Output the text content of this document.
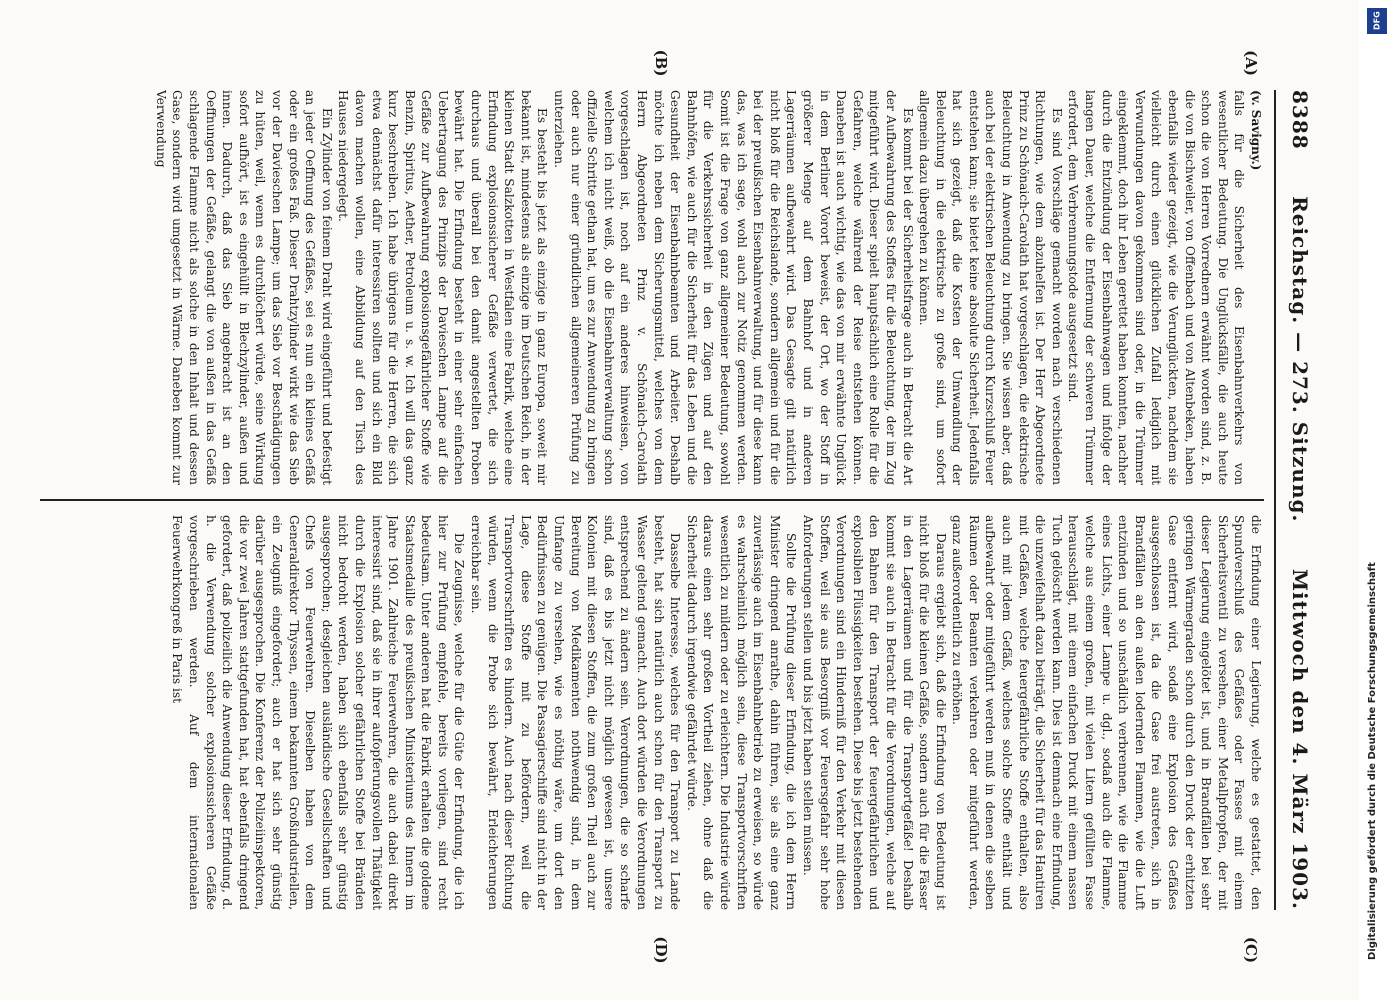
8388
Reichstag. — 273. Sitzung.
Mittwoch den 4. März 1903.
(A)
(B)
(C)
(D)
(v. Savigny.)

falls für die Sicherheit des Eisenbahnverkehrs von wesentlicher Bedeutung. Die Unglücksfälle, die auch heute schon die von Herren Vorrednern erwähnt worden sind, z. B. die von Bischweiler, von Offenbach und von Altenbeken, haben ebenfalls wieder gezeigt, wie die Verunglückten, nachdem sie vielleicht durch einen glücklichen Zufall lediglich mit Verwundungen davon gekommen sind oder, in die Trümmer eingeklemmt, doch ihr Leben gerettet haben konnten, nachher durch die Entzündung der Eisenbahnwagen und infolge der langen Dauer, welche die Entfernung der schweren Trümmer erfordert, dem Verbrennungstode ausgesetzt sind.

Es sind Vorschläge gemacht worden nach verschiedenen Richtungen, wie dem abzuhelfen ist. Der Herr Abgeordnete Prinz zu Schönaich-Carolath hat vorgeschlagen, die elektrische Beleuchtung in Anwendung zu bringen. Sie wissen aber, daß auch bei der elektrischen Beleuchtung durch Kurzschluß Feuer entstehen kann; sie bietet keine absolute Sicherheit. Jedenfalls hat sich gezeigt, daß die Kosten der Umwandlung der Beleuchtung in die elektrische zu große sind, um sofort allgemein dazu übergehen zu können.

Es kommt bei der Sicherheitsfrage auch in Betracht die Art der Aufbewahrung des Stoffes für die Beleuchtung, der im Zug mitgeführt wird. Dieser spielt hauptsächlich eine Rolle für die Gefahren, welche während der Reise entstehen können. Daneben ist auch wichtig, wie das von mir erwähnte Unglück in dem Berliner Vorort beweist, der Ort, wo der Stoff in größerer Menge auf dem Bahnhof und in anderen Lagerräumen aufbewahrt wird. Das Gesagte gilt natürlich nicht bloß für die Reichslande, sondern allgemein und für die bei der preußischen Eisenbahnverwaltung, und für diese kann das, was ich sage, wohl auch zur Notiz genommen werden. Somit ist die Frage von ganz allgemeiner Bedeutung, sowohl für die Verkehrssicherheit in den Zügen und auf den Bahnhöfen, wie auch für die Sicherheit für das Leben und die Gesundheit der Eisenbahnbeamten und Arbeiter. Deshalb möchte ich neben dem Sicherungsmittel, welches von dem Herrn Abgeordneten Prinz v. Schönaich-Carolath vorgeschlagen ist, noch auf ein anderes hinweisen, von welchem ich nicht weiß, ob die Eisenbahnverwaltung schon offizielle Schritte gethan hat, um es zur Anwendung zu bringen oder auch nur einer gründlichen allgemeineren Prüfung zu unterziehen.

Es besteht bis jetzt als einzige in ganz Europa, soweit mir bekannt ist, mindestens als einzige im Deutschen Reich, in der kleinen Stadt Salzkotten in Westfalen eine Fabrik, welche eine Erfindung explosionssicherer Gefäße verwertet, die sich durchaus und überall bei den damit angestellten Proben bewährt hat. Die Erfindung besteht in einer sehr einfachen Uebertragung des Prinzips der Davieschen Lampe auf die Gefäße zur Aufbewahrung explosionsgefährlicher Stoffe wie Benzin, Spiritus, Aether, Petroleum u. s. w. Ich will das ganz kurz beschreiben. Ich habe übrigens für die Herren, die sich etwa dennächst dafür interessiren sollten und sich ein Bild davon machen wollen, eine Abbildung auf den Tisch des Hauses niedergelegt.

Ein Zylinder von feinem Draht wird eingeführt und befestigt an jeder Oeffnung des Gefäßes, sei es nun ein kleines Gefäß oder ein großes Faß. Dieser Drahtzylinder wirkt wie das Sieb vor der Davieschen Lampe; um das Sieb vor Beschädigungen zu hüten, weil, wenn es durchlöchert würde, seine Wirkung sofort aufhört, ist es eingehüllt in Blechzylinder, außen und innen. Dadurch, daß das Sieb angebracht ist an den Oeffnungen der Gefäße, gelangt die von außen in das Gefäß schlagende Flamme nicht als solche in den Inhalt und dessen Gase, sondern wird umgesetzt in Wärme. Daneben kommt zur Verwendung

die Erfindung einer Legierung, welche es gestattet, den Spundverschluß des Gefäßes oder Fasses mit einem Sicherheitsventil zu versehen, einer Metallpfropfen, der mit dieser Legierung eingelötet ist, und in Brandfällen bei sehr geringen Wärmegraden schon durch den Druck der erhitzten Gase entfernt wird, sodaß eine Explosion des Gefäßes ausgeschlossen ist, da die Gase frei austreten, sich in Brandfällen an den außen lodernden Flammen, wie die Luft entzünden und so unschädlich verbrennen, wie die Flamme eines Lichts, einer Lampe u. dgl., sodaß auch die Flamme, welche aus einem großen, mit vielen Litern gefüllten Fasse herausschlägt, mit einem einfachen Druck mit einem nassen Tuch gelöscht werden kann. Dies ist demnach eine Erfindung, die unzweifelhaft dazu beiträgt, die Sicherheit für das Hantiren mit Gefäßen, welche feuergefährliche Stoffe enthalten, also auch mit jedem Gefäß, welches solche Stoffe enthält und aufbewahrt oder mitgeführt werden muß in denen die selben Räumen oder Beamten verkehren oder mitgeführt werden, ganz außerordentlich zu erhöhen.

Daraus ergiebt sich, daß die Erfindung von Bedeutung ist nicht bloß für die kleinen Gefäße, sondern auch für die Fässer in den Lagerräumen und für die Transportgefäße! Deshalb kommt sie auch in Betracht für die Verordnungen, welche auf den Bahnen für den Transport der feuergefährlichen und explosiblen Flüssigkeiten bestehen. Diese bis jetzt bestehenden Verordnungen sind ein Hinderniß für den Verkehr mit diesen Stoffen, weil sie aus Besorgniß vor Feuersgefahr sehr hohe Anforderungen stellen und bis jetzt haben stellen müssen.

Sollte die Prüfung dieser Erfindung, die ich dem Herrn Minister dringend anrathe, dahin führen, sie als eine ganz zuverlässige auch im Eisenbahnbetrieb zu erweisen, so würde es wahrscheinlich möglich sein, diese Transportvorschriften wesentlich zu mildern oder zu erleichtern. Die Industrie würde daraus einen sehr großen Vortheil ziehen, ohne daß die Sicherheit dadurch irgendwie gefährdet würde.

Dasselbe Interesse, welches für den Transport zu Lande besteht, hat sich natürlich auch schon für den Transport zu Wasser geltend gemacht. Auch dort würden die Verordnungen entsprechend zu ändern sein. Verordnungen, die so scharfe sind, daß es bis jetzt nicht möglich gewesen ist, unsere Kolonien mit diesen Stoffen, die zum großen Theil auch zur Bereitung von Medikamenten nothwendig sind, in dem Umfange zu versehen, wie es nöthig wäre, um dort den Bedürfnissen zu genügen. Die Passagierschiffe sind nicht in der Lage, diese Stoffe mit zu befördern, weil die Transportvorschriften es hindern. Auch nach dieser Richtung würden, wenn die Probe sich bewährt, Erleichterungen erreichbar sein.

Die Zeugnisse, welche für die Güte der Erfindung, die ich hier zur Prüfung empfehle, bereits vorliegen, sind recht bedeutsam. Unter anderen hat die Fabrik erhalten die goldene Staatsmedaille des preußischen Ministeriums des Innern im Jahre 1901. Zahlreiche Feuerwehren, die auch dabei direkt interessirt sind, daß sie in ihrer aufopferungsvollen Thätigkeit durch die Explosion solcher gefährlichen Stoffe bei Bränden nicht bedroht werden, haben sich ebenfalls sehr günstig ausgesprochen; desgleichen ausländische Gesellschaften und Chefs von Feuerwehren. Dieselben haben von dem Generaldirektor Thyssen, einem bekannten Großindustriellen, ein Zeugniß eingefordert; auch er hat sich sehr günstig darüber ausgesprochen. Die Konferenz der Polizeiinspektoren, die vor zwei Jahren stattgefunden hat, hat ebenfalls dringend gefordert, daß polizeilich die Anwendung dieser Erfindung, d. h. die Verwendung solcher explosionssicheren Gefäße vorgeschrieben werden. Auf dem internationalen Feuerwehrkongreß in Paris ist

DFG
Digitalisierung gefördert durch die Deutsche Forschungsgemeinschaft
